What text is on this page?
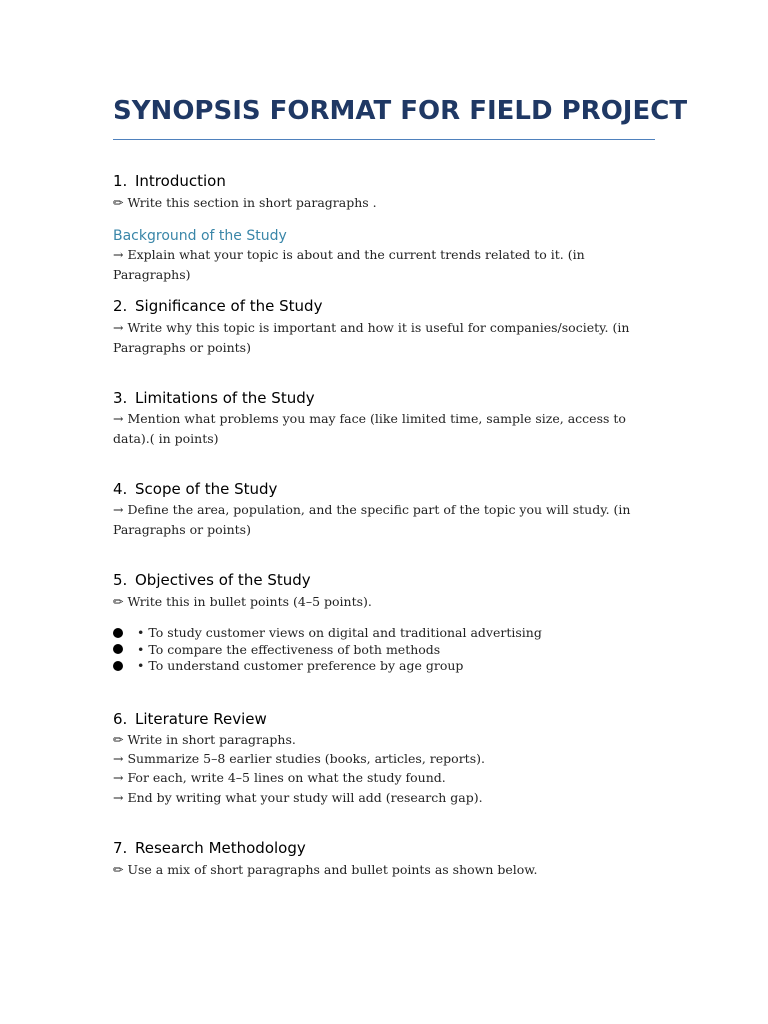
SYNOPSIS FORMAT FOR FIELD PROJECT
1. Introduction
✏ Write this section in short paragraphs .
Background of the Study
→ Explain what your topic is about and the current trends related to it. (in Paragraphs)
2. Significance of the Study
→ Write why this topic is important and how it is useful for companies/society. (in Paragraphs or points)
3. Limitations of the Study
→ Mention what problems you may face (like limited time, sample size, access to data).( in points)
4. Scope of the Study
→ Define the area, population, and the specific part of the topic you will study. (in Paragraphs or points)
5. Objectives of the Study
✏ Write this in bullet points (4–5 points).
• To study customer views on digital and traditional advertising
• To compare the effectiveness of both methods
• To understand customer preference by age group
6. Literature Review
✏ Write in short paragraphs.
→ Summarize 5–8 earlier studies (books, articles, reports).
→ For each, write 4–5 lines on what the study found.
→ End by writing what your study will add (research gap).
7. Research Methodology
✏ Use a mix of short paragraphs and bullet points as shown below.
